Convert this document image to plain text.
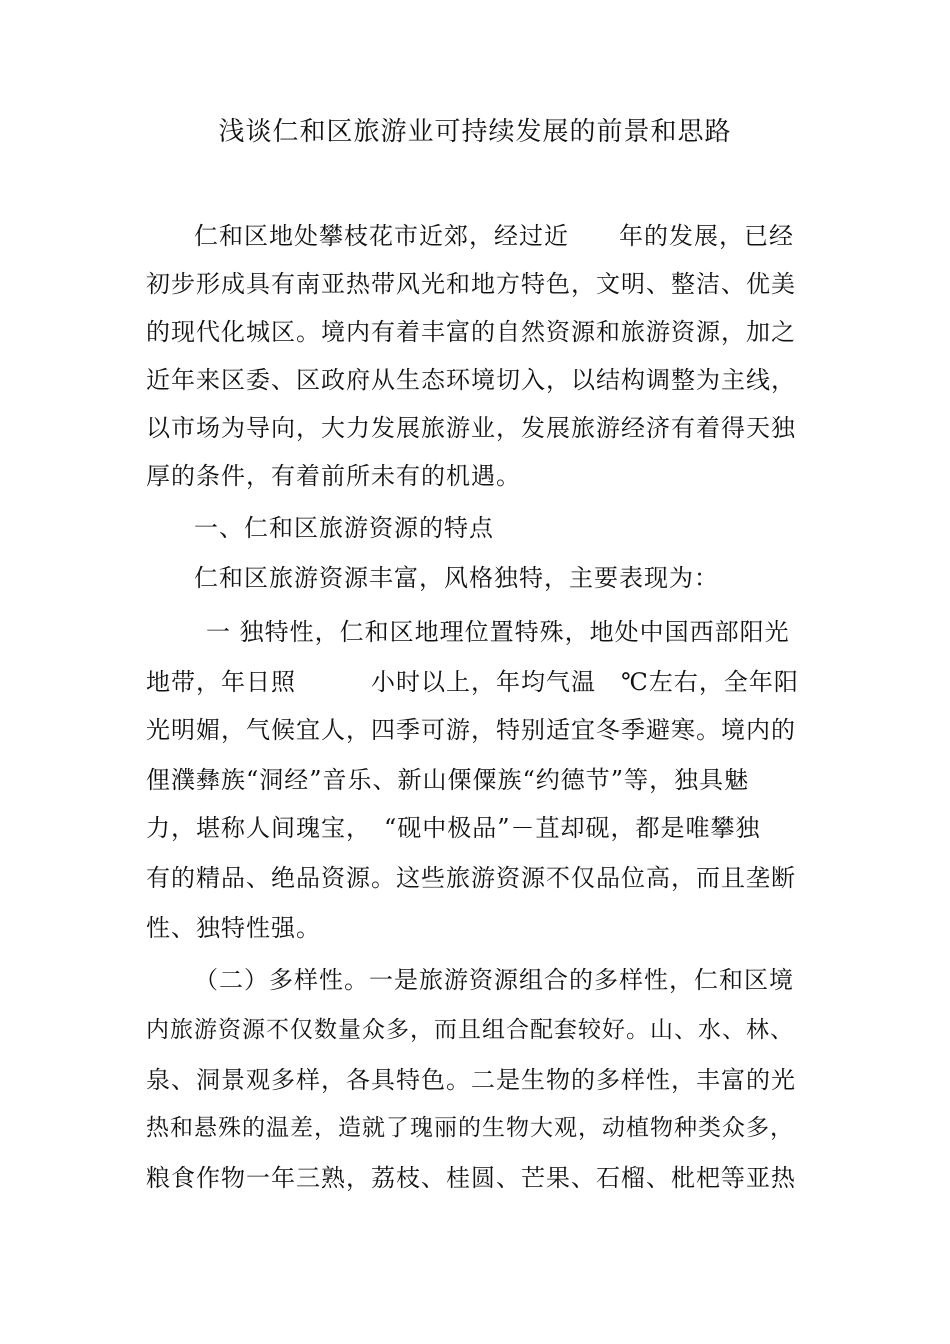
浅谈仁和区旅游业可持续发展的前景和思路
仁和区地处攀枝花市近郊，经过近　　年的发展，已经
初步形成具有南亚热带风光和地方特色，文明、整洁、优美
的现代化城区。境内有着丰富的自然资源和旅游资源，加之
近年来区委、区政府从生态环境切入，以结构调整为主线，
以市场为导向，大力发展旅游业，发展旅游经济有着得天独
厚的条件，有着前所未有的机遇。
一、仁和区旅游资源的特点
仁和区旅游资源丰富，风格独特，主要表现为：
一 独特性，仁和区地理位置特殊，地处中国西部阳光
地带，年日照　　　小时以上，年均气温　℃左右，全年阳
光明媚，气候宜人，四季可游，特别适宜冬季避寒。境内的
俚濮彝族“洞经”音乐、新山傈僳族“约德节”等，独具魅
力，堪称人间瑰宝，　“砚中极品”－苴却砚，都是唯攀独
有的精品、绝品资源。这些旅游资源不仅品位高，而且垄断
性、独特性强。
（二）多样性。一是旅游资源组合的多样性，仁和区境
内旅游资源不仅数量众多，而且组合配套较好。山、水、林、
泉、洞景观多样，各具特色。二是生物的多样性，丰富的光
热和悬殊的温差，造就了瑰丽的生物大观，动植物种类众多，
粮食作物一年三熟，荔枝、桂圆、芒果、石榴、枇杷等亚热
